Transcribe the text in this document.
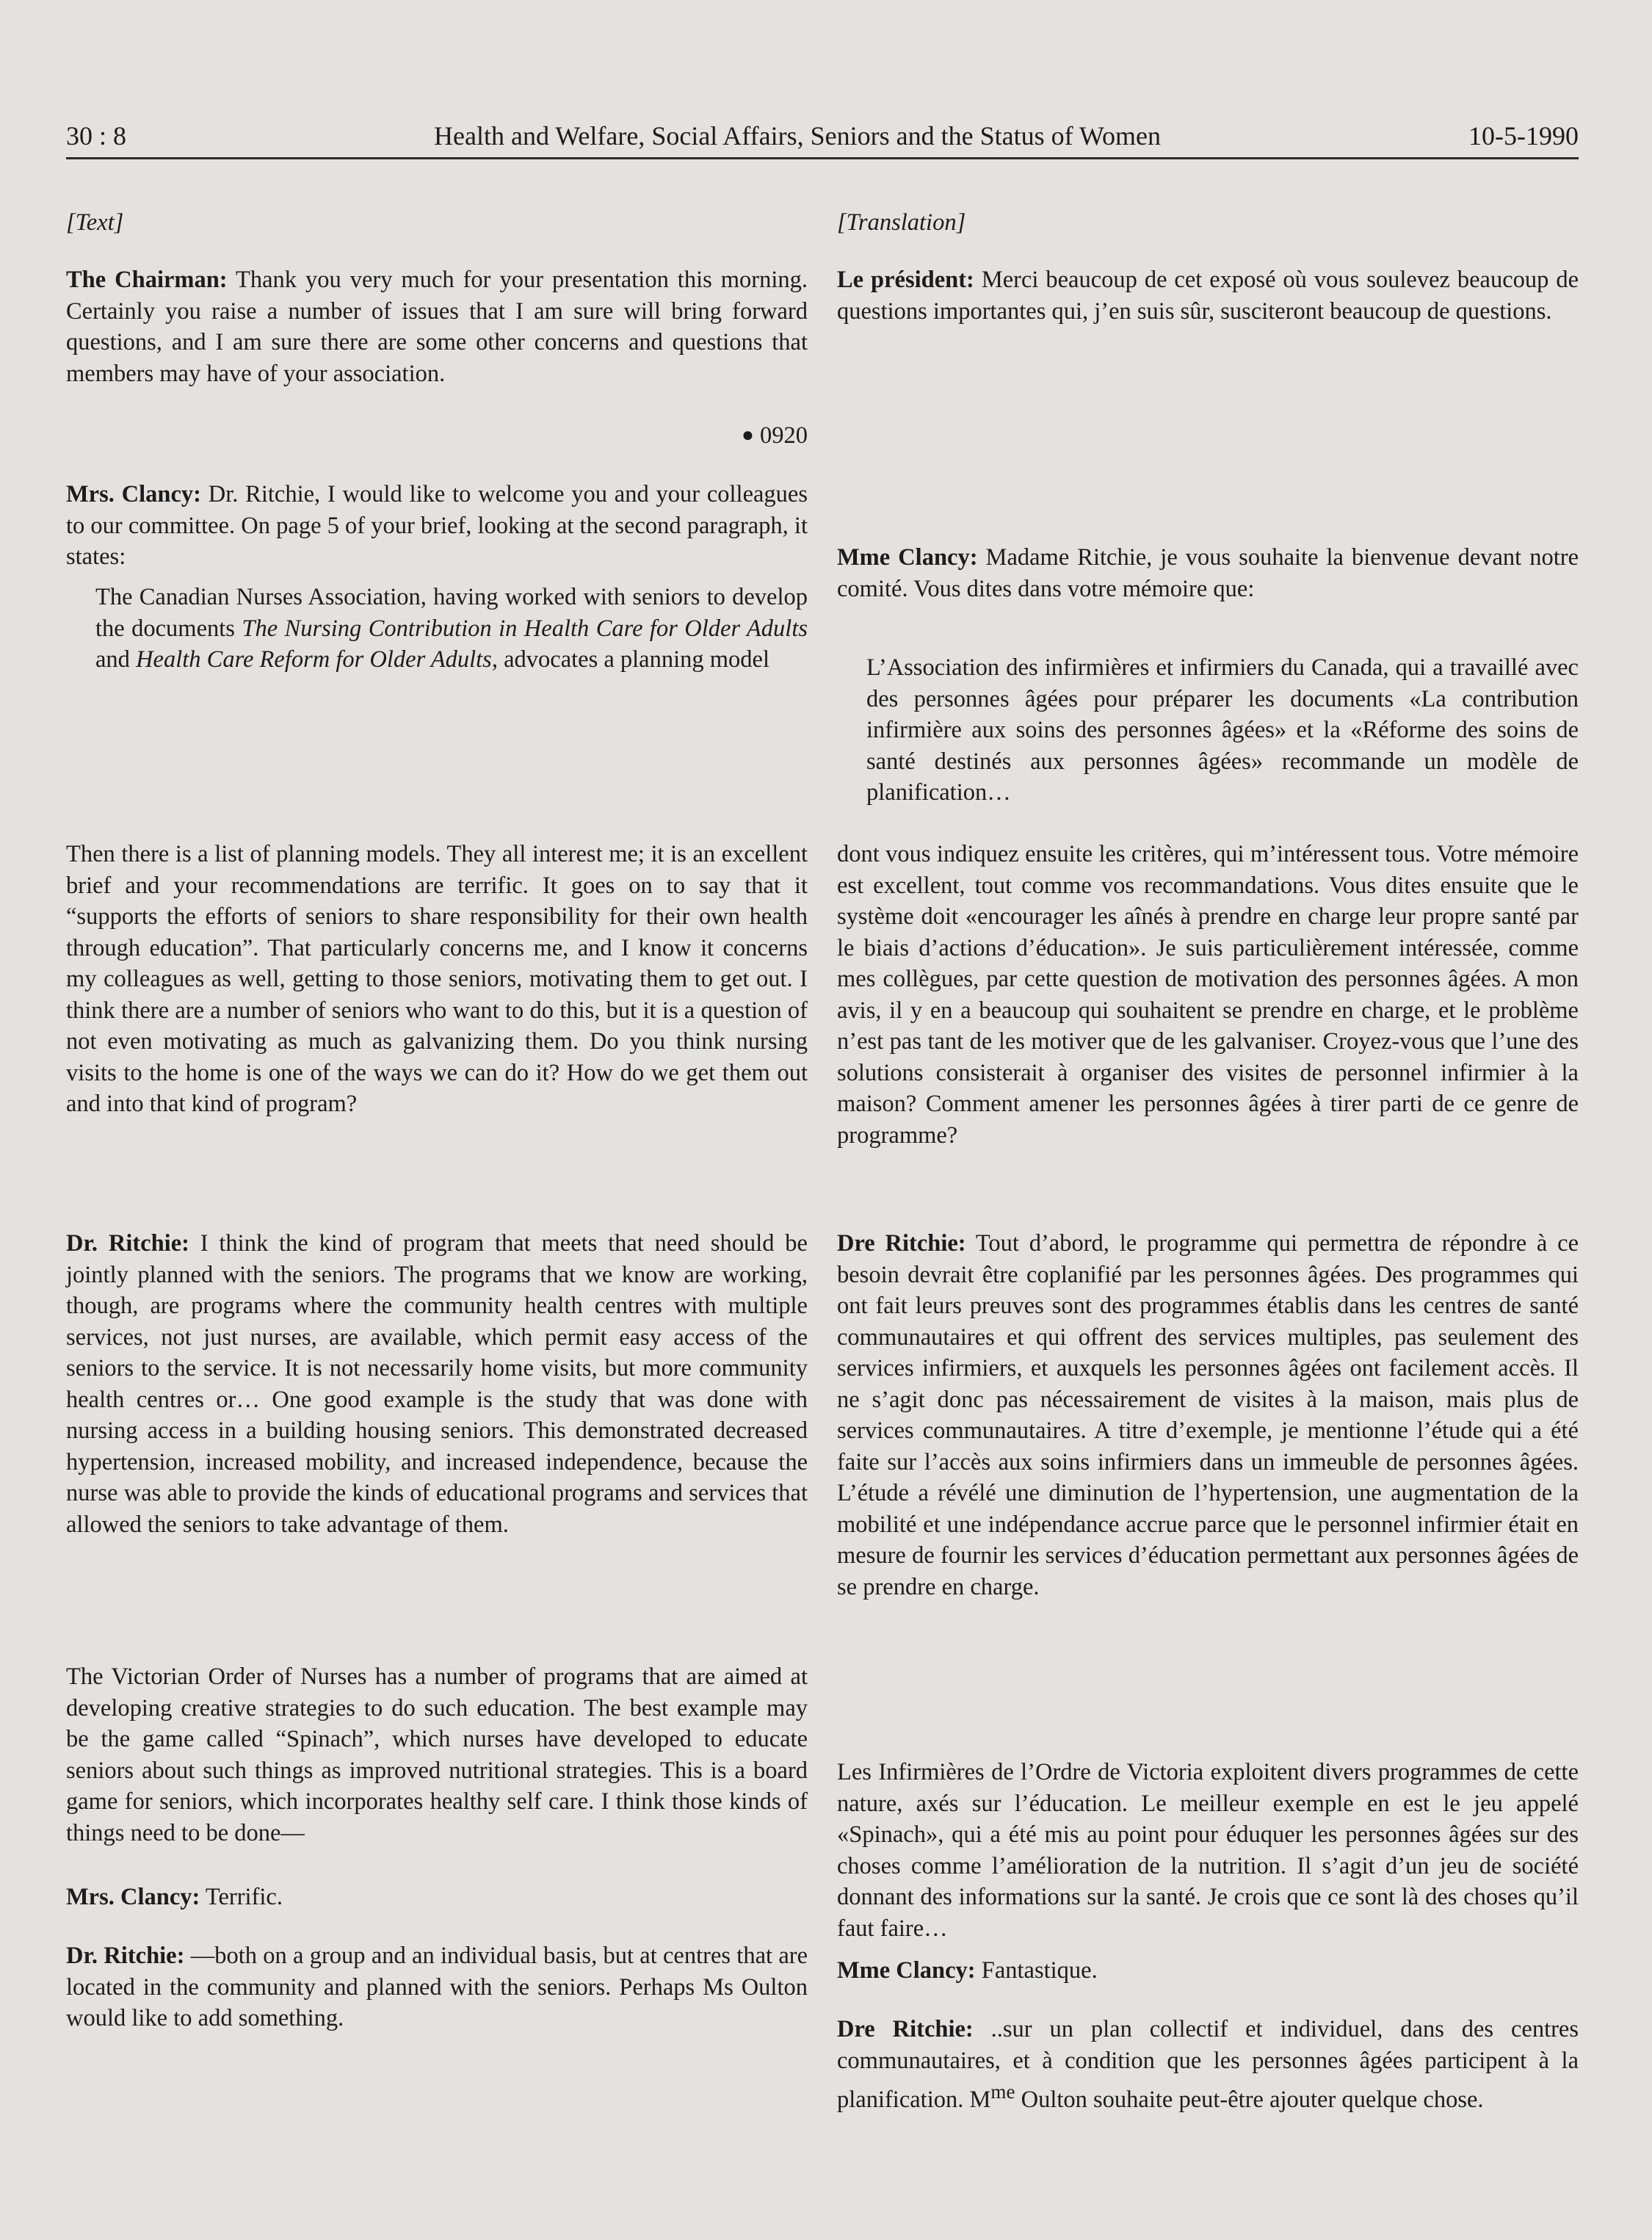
30 : 8	Health and Welfare, Social Affairs, Seniors and the Status of Women	10-5-1990

[Text]

The Chairman: Thank you very much for your presentation this morning. Certainly you raise a number of issues that I am sure will bring forward questions, and I am sure there are some other concerns and questions that members may have of your association.

● 0920

Mrs. Clancy: Dr. Ritchie, I would like to welcome you and your colleagues to our committee. On page 5 of your brief, looking at the second paragraph, it states:

The Canadian Nurses Association, having worked with seniors to develop the documents The Nursing Contribution in Health Care for Older Adults and Health Care Reform for Older Adults, advocates a planning model

Then there is a list of planning models. They all interest me; it is an excellent brief and your recommendations are terrific. It goes on to say that it “supports the efforts of seniors to share responsibility for their own health through education”. That particularly concerns me, and I know it concerns my colleagues as well, getting to those seniors, motivating them to get out. I think there are a number of seniors who want to do this, but it is a question of not even motivating as much as galvanizing them. Do you think nursing visits to the home is one of the ways we can do it? How do we get them out and into that kind of program?

Dr. Ritchie: I think the kind of program that meets that need should be jointly planned with the seniors. The programs that we know are working, though, are programs where the community health centres with multiple services, not just nurses, are available, which permit easy access of the seniors to the service. It is not necessarily home visits, but more community health centres or… One good example is the study that was done with nursing access in a building housing seniors. This demonstrated decreased hypertension, increased mobility, and increased independence, because the nurse was able to provide the kinds of educational programs and services that allowed the seniors to take advantage of them.

The Victorian Order of Nurses has a number of programs that are aimed at developing creative strategies to do such education. The best example may be the game called “Spinach”, which nurses have developed to educate seniors about such things as improved nutritional strategies. This is a board game for seniors, which incorporates healthy self care. I think those kinds of things need to be done—

Mrs. Clancy: Terrific.

Dr. Ritchie: —both on a group and an individual basis, but at centres that are located in the community and planned with the seniors. Perhaps Ms Oulton would like to add something.

[Translation]

Le président: Merci beaucoup de cet exposé où vous soulevez beaucoup de questions importantes qui, j’en suis sûr, susciteront beaucoup de questions.

Mme Clancy: Madame Ritchie, je vous souhaite la bienvenue devant notre comité. Vous dites dans votre mémoire que:

L’Association des infirmières et infirmiers du Canada, qui a travaillé avec des personnes âgées pour préparer les documents «La contribution infirmière aux soins des personnes âgées» et la «Réforme des soins de santé destinés aux personnes âgées» recommande un modèle de planification…

dont vous indiquez ensuite les critères, qui m’intéressent tous. Votre mémoire est excellent, tout comme vos recommandations. Vous dites ensuite que le système doit «encourager les aînés à prendre en charge leur propre santé par le biais d’actions d’éducation». Je suis particulièrement intéressée, comme mes collègues, par cette question de motivation des personnes âgées. A mon avis, il y en a beaucoup qui souhaitent se prendre en charge, et le problème n’est pas tant de les motiver que de les galvaniser. Croyez-vous que l’une des solutions consisterait à organiser des visites de personnel infirmier à la maison? Comment amener les personnes âgées à tirer parti de ce genre de programme?

Dre Ritchie: Tout d’abord, le programme qui permettra de répondre à ce besoin devrait être coplanifié par les personnes âgées. Des programmes qui ont fait leurs preuves sont des programmes établis dans les centres de santé communautaires et qui offrent des services multiples, pas seulement des services infirmiers, et auxquels les personnes âgées ont facilement accès. Il ne s’agit donc pas nécessairement de visites à la maison, mais plus de services communautaires. A titre d’exemple, je mentionne l’étude qui a été faite sur l’accès aux soins infirmiers dans un immeuble de personnes âgées. L’étude a révélé une diminution de l’hypertension, une augmentation de la mobilité et une indépendance accrue parce que le personnel infirmier était en mesure de fournir les services d’éducation permettant aux personnes âgées de se prendre en charge.

Les Infirmières de l’Ordre de Victoria exploitent divers programmes de cette nature, axés sur l’éducation. Le meilleur exemple en est le jeu appelé «Spinach», qui a été mis au point pour éduquer les personnes âgées sur des choses comme l’amélioration de la nutrition. Il s’agit d’un jeu de société donnant des informations sur la santé. Je crois que ce sont là des choses qu’il faut faire…

Mme Clancy: Fantastique.

Dre Ritchie: ..sur un plan collectif et individuel, dans des centres communautaires, et à condition que les personnes âgées participent à la planification. $M^{me}$ Oulton souhaite peut-être ajouter quelque chose.
